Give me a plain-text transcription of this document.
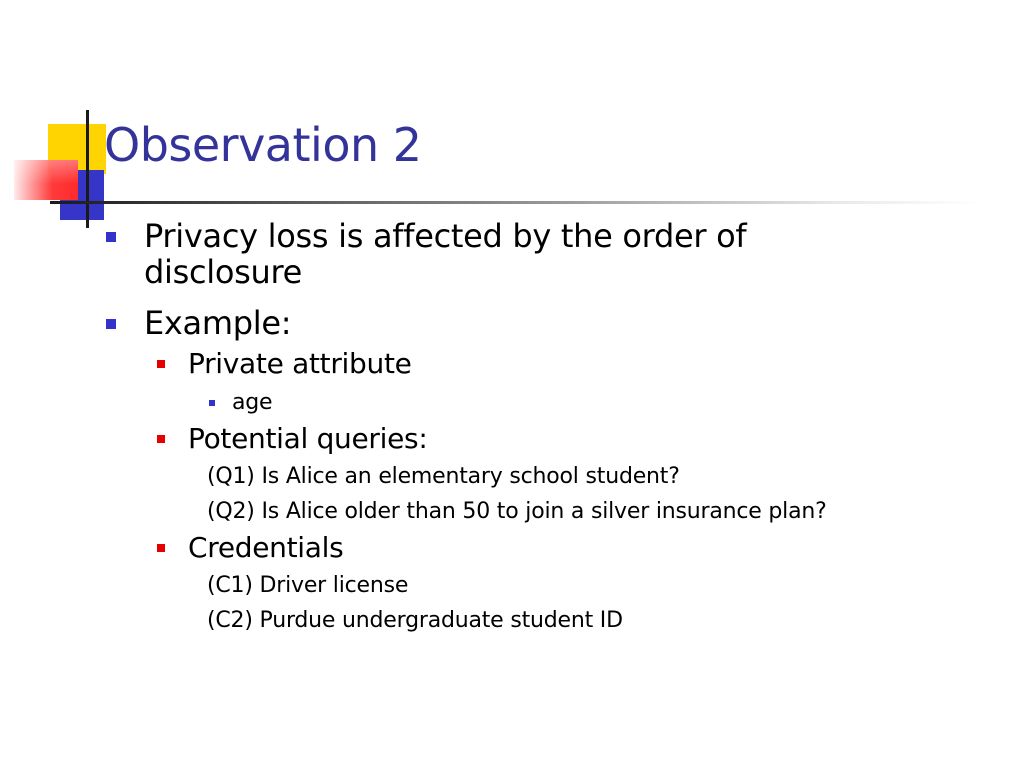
Observation 2
Privacy loss is affected by the order of
disclosure
Example:
Private attribute
age
Potential queries:
(Q1) Is Alice an elementary school student?
(Q2) Is Alice older than 50 to join a silver insurance plan?
Credentials
(C1) Driver license
(C2) Purdue undergraduate student ID
